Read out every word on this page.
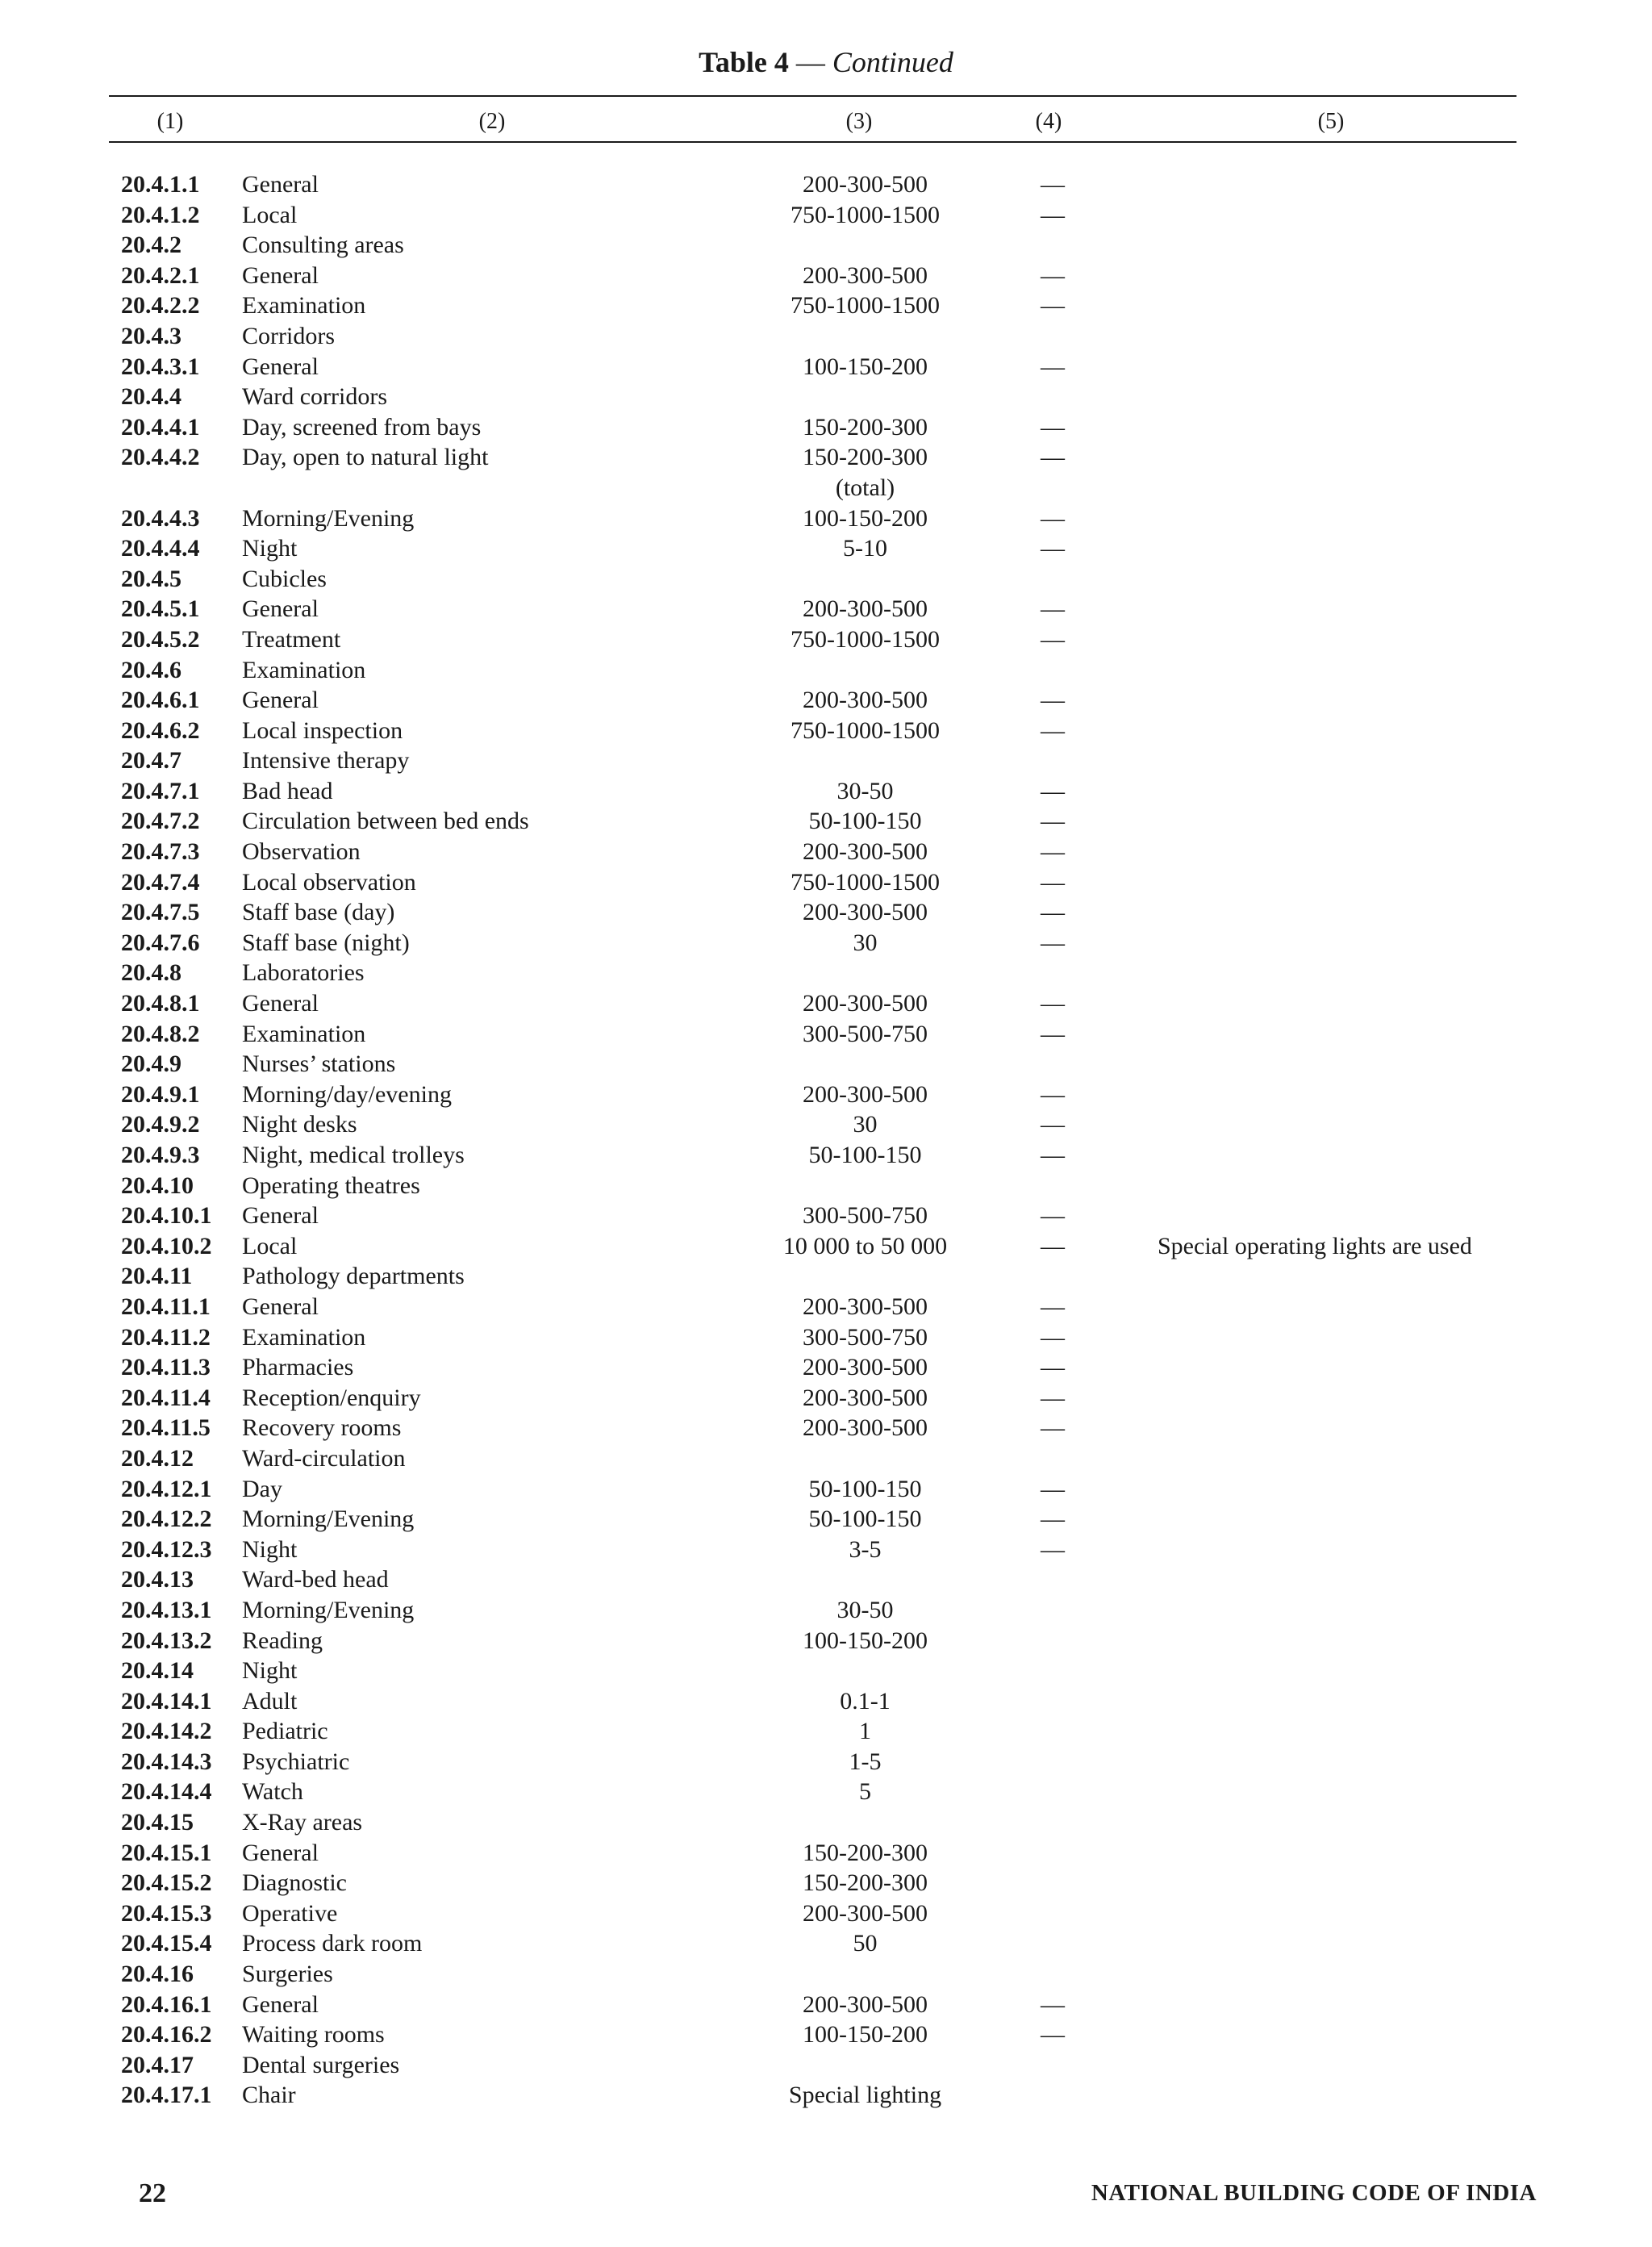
Table 4 — Continued
(1)	(2)	(3)	(4)	(5)
20.4.1.1 General	200-300-500	—
20.4.1.2 Local	750-1000-1500	—
20.4.2	Consulting areas
20.4.2.1 General	200-300-500	—
20.4.2.2 Examination	750-1000-1500	—
20.4.3	Corridors
20.4.3.1 General	100-150-200	—
20.4.4	Ward corridors
20.4.4.1 Day, screened from bays	150-200-300	—
20.4.4.2 Day, open to natural light	150-200-300	—
(total)
20.4.4.3 Morning/Evening	100-150-200	—
20.4.4.4 Night	5-10	—
20.4.5	Cubicles
20.4.5.1 General	200-300-500	—
20.4.5.2 Treatment	750-1000-1500	—
20.4.6	Examination
20.4.6.1 General	200-300-500	—
20.4.6.2 Local inspection	750-1000-1500	—
20.4.7	Intensive therapy
20.4.7.1 Bad head	30-50	—
20.4.7.2 Circulation between bed ends	50-100-150	—
20.4.7.3 Observation	200-300-500	—
20.4.7.4 Local observation	750-1000-1500	—
20.4.7.5 Staff base (day)	200-300-500	—
20.4.7.6 Staff base (night)	30	—
20.4.8	Laboratories
20.4.8.1 General	200-300-500	—
20.4.8.2 Examination	300-500-750	—
20.4.9	Nurses’ stations
20.4.9.1 Morning/day/evening	200-300-500	—
20.4.9.2 Night desks	30	—
20.4.9.3 Night, medical trolleys	50-100-150	—
20.4.10 Operating theatres
20.4.10.1 General	300-500-750	—
20.4.10.2 Local	10 000 to 50 000	—	Special operating lights are used
20.4.11 Pathology departments
20.4.11.1 General	200-300-500	—
20.4.11.2 Examination	300-500-750	—
20.4.11.3 Pharmacies	200-300-500	—
20.4.11.4 Reception/enquiry	200-300-500	—
20.4.11.5 Recovery rooms	200-300-500	—
20.4.12 Ward-circulation
20.4.12.1 Day	50-100-150	—
20.4.12.2 Morning/Evening	50-100-150	—
20.4.12.3 Night	3-5	—
20.4.13 Ward-bed head
20.4.13.1 Morning/Evening	30-50
20.4.13.2 Reading	100-150-200
20.4.14 Night
20.4.14.1 Adult	0.1-1
20.4.14.2 Pediatric	1
20.4.14.3 Psychiatric	1-5
20.4.14.4 Watch	5
20.4.15 X-Ray areas
20.4.15.1 General	150-200-300
20.4.15.2 Diagnostic	150-200-300
20.4.15.3 Operative	200-300-500
20.4.15.4 Process dark room	50
20.4.16 Surgeries
20.4.16.1 General	200-300-500	—
20.4.16.2 Waiting rooms	100-150-200	—
20.4.17 Dental surgeries
20.4.17.1 Chair	Special lighting
22	NATIONAL BUILDING CODE OF INDIA
